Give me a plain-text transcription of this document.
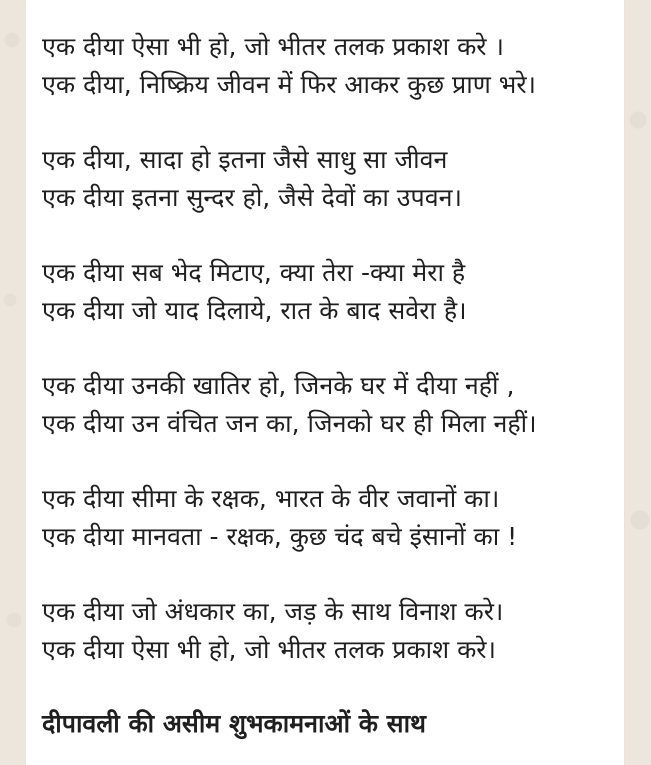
एक दीया ऐसा भी हो, जो भीतर तलक प्रकाश करे ।
एक दीया, निष्क्रिय जीवन में फिर आकर कुछ प्राण भरे।
एक दीया, सादा हो इतना जैसे साधु सा जीवन
एक दीया इतना सुन्दर हो, जैसे देवों का उपवन।
एक दीया सब भेद मिटाए, क्या तेरा -क्या मेरा है
एक दीया जो याद दिलाये, रात के बाद सवेरा है।
एक दीया उनकी खातिर हो, जिनके घर में दीया नहीं ,
एक दीया उन वंचित जन का, जिनको घर ही मिला नहीं।
एक दीया सीमा के रक्षक, भारत के वीर जवानों का।
एक दीया मानवता - रक्षक, कुछ चंद बचे इंसानों का !
एक दीया जो अंधकार का, जड़ के साथ विनाश करे।
एक दीया ऐसा भी हो, जो भीतर तलक प्रकाश करे।
दीपावली की असीम शुभकामनाओं के साथ
